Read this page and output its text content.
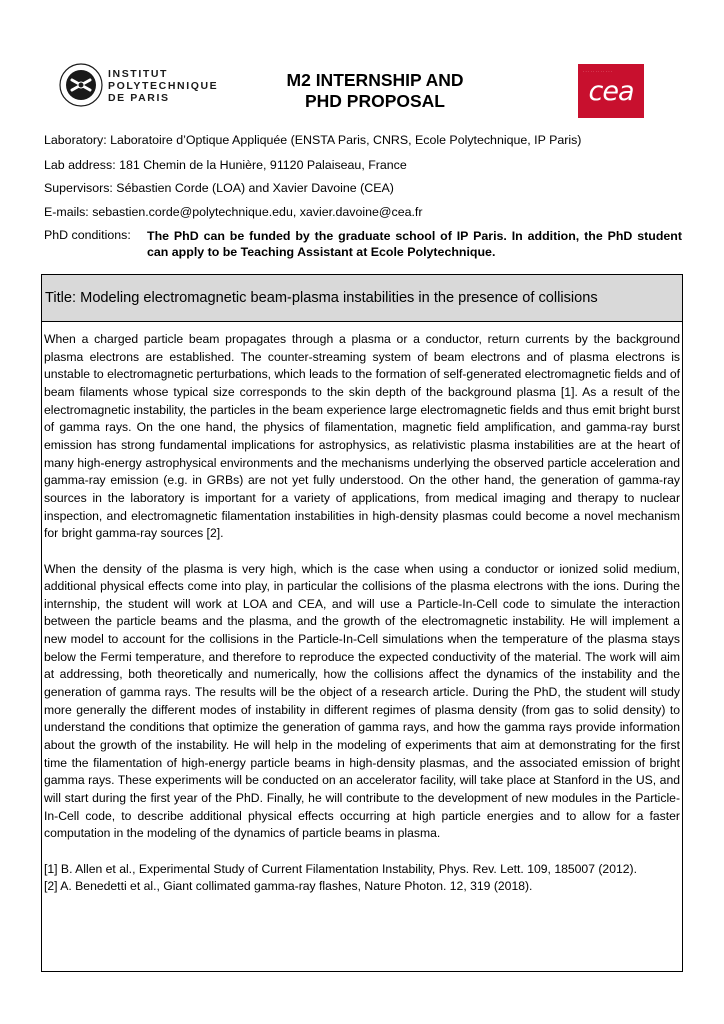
INSTITUT
POLYTECHNIQUE
DE PARIS
M2 INTERNSHIP AND
PHD PROPOSAL
· · · · · · · · · · · ·
cea
Laboratory: Laboratoire d’Optique Appliquée (ENSTA Paris, CNRS, Ecole Polytechnique, IP Paris)
Lab address: 181 Chemin de la Hunière, 91120 Palaiseau, France
Supervisors: Sébastien Corde (LOA) and Xavier Davoine (CEA)
E-mails: sebastien.corde@polytechnique.edu, xavier.davoine@cea.fr
PhD conditions: The PhD can be funded by the graduate school of IP Paris. In addition, the PhD student can apply to be Teaching Assistant at Ecole Polytechnique.
Title: Modeling electromagnetic beam-plasma instabilities in the presence of collisions

When a charged particle beam propagates through a plasma or a conductor, return currents by the background plasma electrons are established. The counter-streaming system of beam electrons and of plasma electrons is unstable to electromagnetic perturbations, which leads to the formation of self-generated electromagnetic fields and of beam filaments whose typical size corresponds to the skin depth of the background plasma [1]. As a result of the electromagnetic instability, the particles in the beam experience large electromagnetic fields and thus emit bright burst of gamma rays. On the one hand, the physics of filamentation, magnetic field amplification, and gamma-ray burst emission has strong fundamental implications for astrophysics, as relativistic plasma instabilities are at the heart of many high-energy astrophysical environments and the mechanisms underlying the observed particle acceleration and gamma-ray emission (e.g. in GRBs) are not yet fully understood. On the other hand, the generation of gamma-ray sources in the laboratory is important for a variety of applications, from medical imaging and therapy to nuclear inspection, and electromagnetic filamentation instabilities in high-density plasmas could become a novel mechanism for bright gamma-ray sources [2].

When the density of the plasma is very high, which is the case when using a conductor or ionized solid medium, additional physical effects come into play, in particular the collisions of the plasma electrons with the ions. During the internship, the student will work at LOA and CEA, and will use a Particle-In-Cell code to simulate the interaction between the particle beams and the plasma, and the growth of the electromagnetic instability. He will implement a new model to account for the collisions in the Particle-In-Cell simulations when the temperature of the plasma stays below the Fermi temperature, and therefore to reproduce the expected conductivity of the material. The work will aim at addressing, both theoretically and numerically, how the collisions affect the dynamics of the instability and the generation of gamma rays. The results will be the object of a research article. During the PhD, the student will study more generally the different modes of instability in different regimes of plasma density (from gas to solid density) to understand the conditions that optimize the generation of gamma rays, and how the gamma rays provide information about the growth of the instability. He will help in the modeling of experiments that aim at demonstrating for the first time the filamentation of high-energy particle beams in high-density plasmas, and the associated emission of bright gamma rays. These experiments will be conducted on an accelerator facility, will take place at Stanford in the US, and will start during the first year of the PhD. Finally, he will contribute to the development of new modules in the Particle-In-Cell code, to describe additional physical effects occurring at high particle energies and to allow for a faster computation in the modeling of the dynamics of particle beams in plasma.

[1] B. Allen et al., Experimental Study of Current Filamentation Instability, Phys. Rev. Lett. 109, 185007 (2012).

[2] A. Benedetti et al., Giant collimated gamma-ray flashes, Nature Photon. 12, 319 (2018).
